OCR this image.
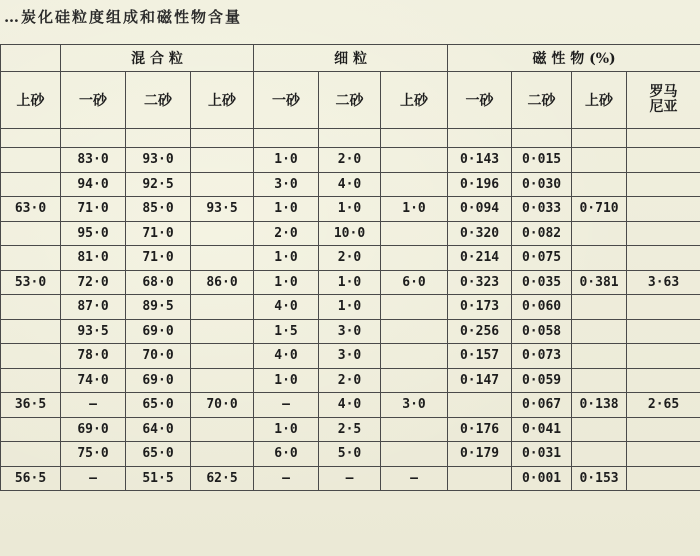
…炭化硅粒度组成和磁性物含量
	混 合 粒			细 粒			磁 性 物 (%)			
上砂	一砂	二砂	上砂	一砂	二砂	上砂	一砂	二砂	上砂	罗马
尼亚

	83·0	93·0		1·0	2·0		0·143	0·015		
	94·0	92·5		3·0	4·0		0·196	0·030		
63·0	71·0	85·0	93·5	1·0	1·0	1·0	0·094	0·033	0·710	
	95·0	71·0		2·0	10·0		0·320	0·082		
	81·0	71·0		1·0	2·0		0·214	0·075		
53·0	72·0	68·0	86·0	1·0	1·0	6·0	0·323	0·035	0·381	3·63
	87·0	89·5		4·0	1·0		0·173	0·060		
	93·5	69·0		1·5	3·0		0·256	0·058		
	78·0	70·0		4·0	3·0		0·157	0·073		
	74·0	69·0		1·0	2·0		0·147	0·059		
36·5	—	65·0	70·0	—	4·0	3·0		0·067	0·138	2·65
	69·0	64·0		1·0	2·5		0·176	0·041		
	75·0	65·0		6·0	5·0		0·179	0·031		
56·5	—	51·5	62·5	—	—	—		0·001	0·153	
